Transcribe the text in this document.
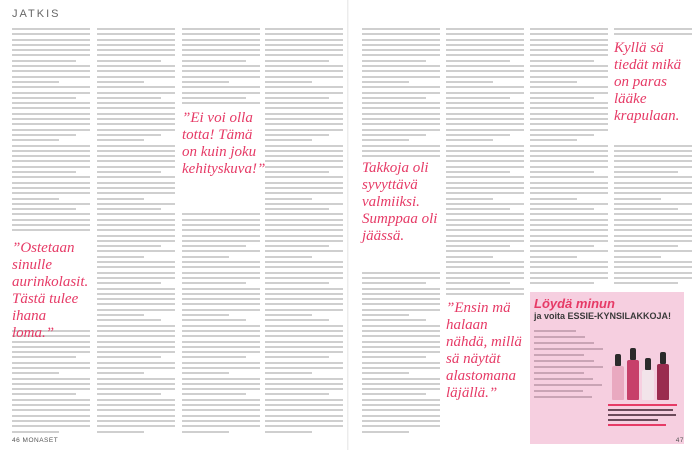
JATKIS
”Ostetaan sinulle aurinkolasit. Tästä tulee ihana loma.”
”Ei voi olla totta! Tämä on kuin joku kehityskuva!”	Takkoja oli syvyttävä valmiiksi. Sumppaa oli jäässä.
Kyllä sä tiedät mikä on paras lääke krapulaan.
”Ensin mä halaan nähdä, millä sä näytät alastomana läjällä.”
Löydä minun
ja voita ESSIE-KYNSILAKKOJA!
46 MONASET	47
